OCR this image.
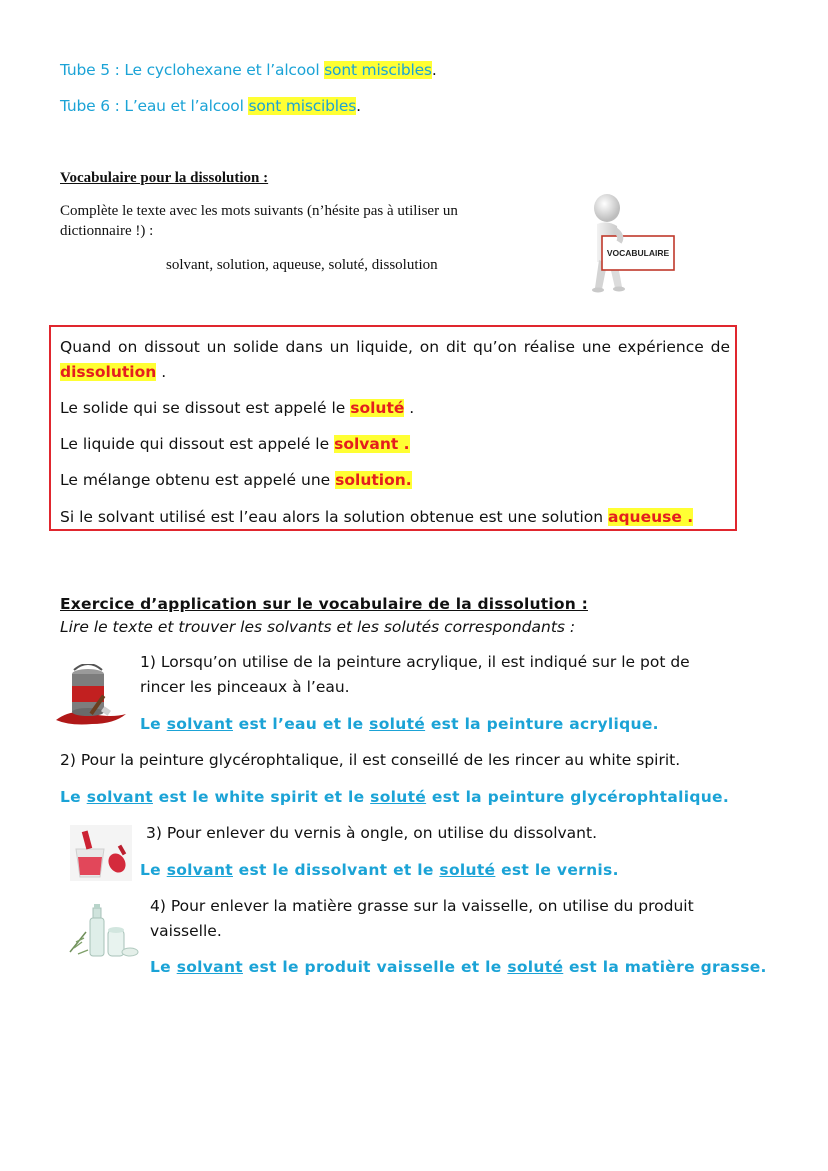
Tube 5 : Le cyclohexane et l’alcool sont miscibles.
Tube 6 : L’eau et l’alcool sont miscibles.
Vocabulaire pour la dissolution :
Complète le texte avec les mots suivants (n’hésite pas à utiliser un dictionnaire !) :
solvant, solution, aqueuse, soluté, dissolution
VOCABULAIRE
Quand on dissout un solide dans un liquide, on dit qu’on réalise une expérience de
dissolution .
Le solide qui se dissout est appelé le soluté .
Le liquide qui dissout est appelé le solvant .
Le mélange obtenu est appelé une solution.
Si le solvant utilisé est l’eau alors la solution obtenue est une solution aqueuse .
Exercice d’application sur le vocabulaire de la dissolution :
Lire le texte et trouver les solvants et les solutés correspondants :
1) Lorsqu’on utilise de la peinture acrylique, il est indiqué sur le pot de rincer les pinceaux à l’eau.
Le solvant est l’eau et le soluté est la peinture acrylique.
2) Pour la peinture glycérophtalique, il est conseillé de les rincer au white spirit.
Le solvant est le white spirit et le soluté est la peinture glycérophtalique.
3) Pour enlever du vernis à ongle, on utilise du dissolvant.
Le solvant est le dissolvant et le soluté est le vernis.
4) Pour enlever la matière grasse sur la vaisselle, on utilise du produit vaisselle.
Le solvant est le produit vaisselle et le soluté est la matière grasse.
